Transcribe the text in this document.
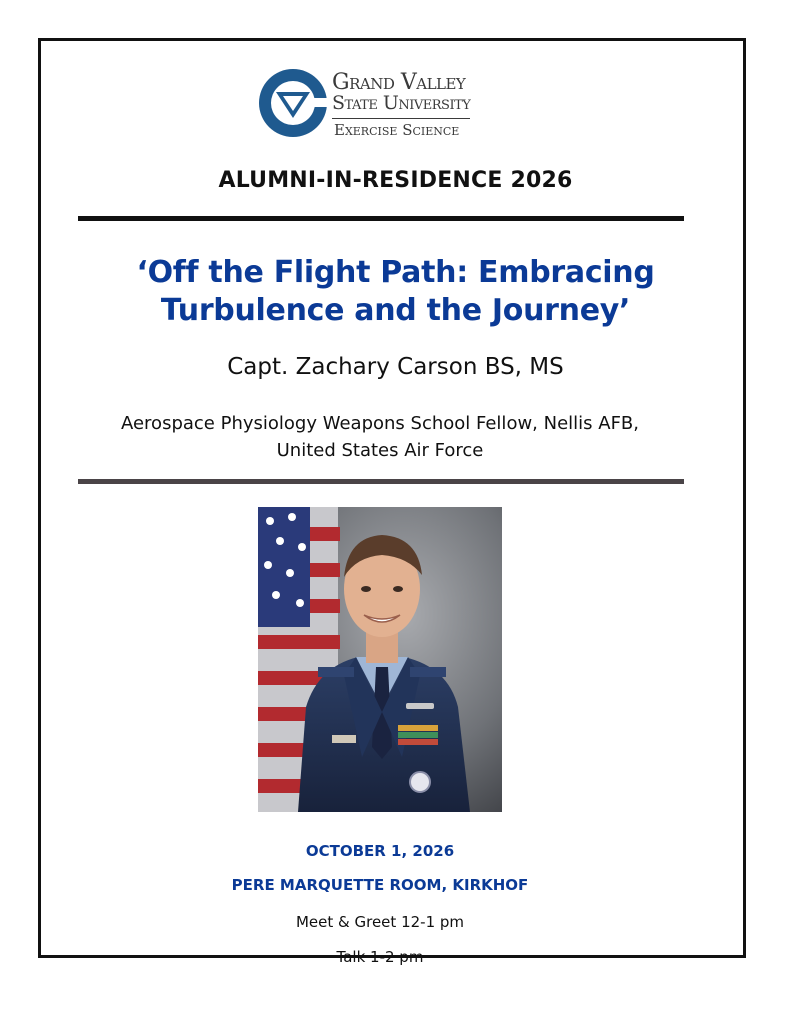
Grand Valley
State University
Exercise Science
ALUMNI-IN-RESIDENCE 2026
‘Off the Flight Path: Embracing
Turbulence and the Journey’
Capt. Zachary Carson BS, MS
Aerospace Physiology Weapons School Fellow, Nellis AFB,
United States Air Force
OCTOBER 1, 2026
PERE MARQUETTE ROOM, KIRKHOF
Meet & Greet 12-1 pm
Talk 1-2 pm
